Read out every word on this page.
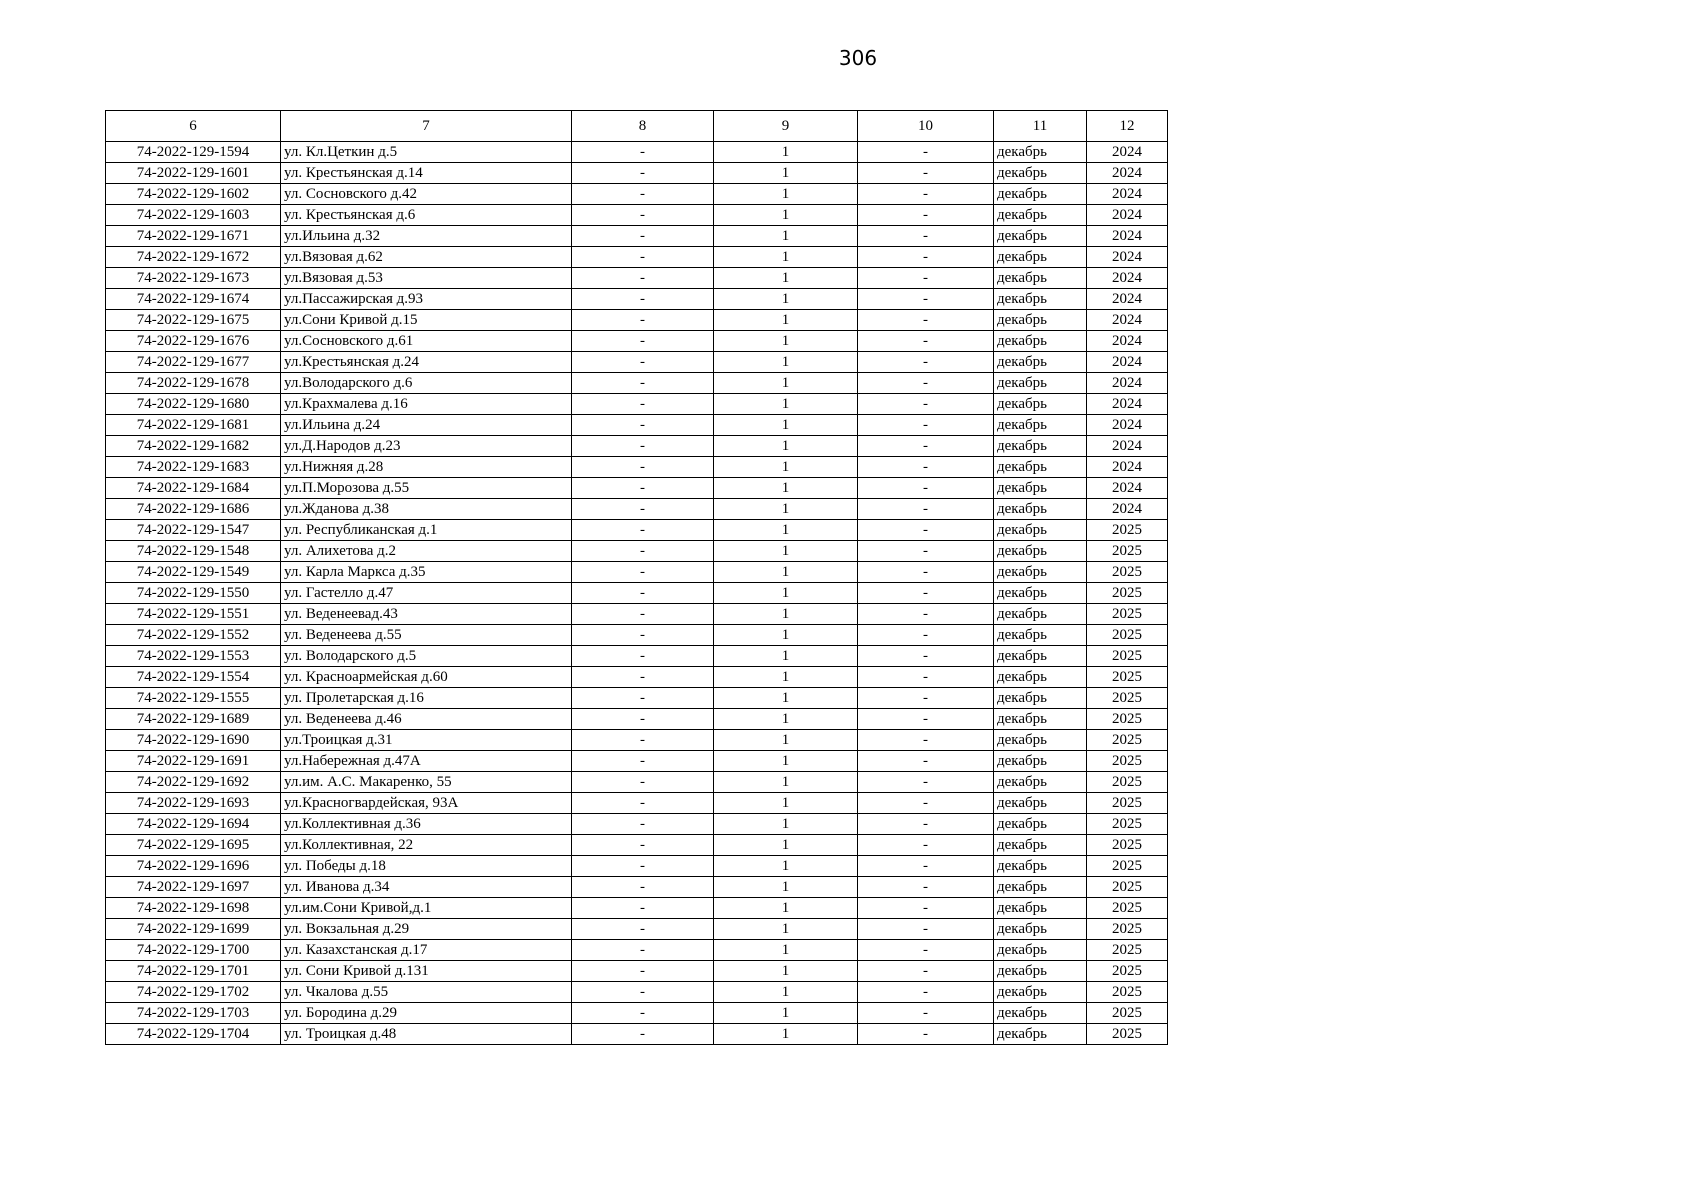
306
6	7	8	9	10	11	12
74-2022-129-1594	ул. Кл.Цеткин д.5	-	1	-	декабрь	2024
74-2022-129-1601	ул. Крестьянская д.14	-	1	-	декабрь	2024
74-2022-129-1602	ул. Сосновского д.42	-	1	-	декабрь	2024
74-2022-129-1603	ул. Крестьянская д.6	-	1	-	декабрь	2024
74-2022-129-1671	ул.Ильина д.32	-	1	-	декабрь	2024
74-2022-129-1672	ул.Вязовая д.62	-	1	-	декабрь	2024
74-2022-129-1673	ул.Вязовая д.53	-	1	-	декабрь	2024
74-2022-129-1674	ул.Пассажирская д.93	-	1	-	декабрь	2024
74-2022-129-1675	ул.Сони Кривой д.15	-	1	-	декабрь	2024
74-2022-129-1676	ул.Сосновского д.61	-	1	-	декабрь	2024
74-2022-129-1677	ул.Крестьянская д.24	-	1	-	декабрь	2024
74-2022-129-1678	ул.Володарского д.6	-	1	-	декабрь	2024
74-2022-129-1680	ул.Крахмалева д.16	-	1	-	декабрь	2024
74-2022-129-1681	ул.Ильина д.24	-	1	-	декабрь	2024
74-2022-129-1682	ул.Д.Народов д.23	-	1	-	декабрь	2024
74-2022-129-1683	ул.Нижняя д.28	-	1	-	декабрь	2024
74-2022-129-1684	ул.П.Морозова д.55	-	1	-	декабрь	2024
74-2022-129-1686	ул.Жданова д.38	-	1	-	декабрь	2024
74-2022-129-1547	ул. Республиканская д.1	-	1	-	декабрь	2025
74-2022-129-1548	ул. Алихетова д.2	-	1	-	декабрь	2025
74-2022-129-1549	ул. Карла Маркса д.35	-	1	-	декабрь	2025
74-2022-129-1550	ул. Гастелло д.47	-	1	-	декабрь	2025
74-2022-129-1551	ул. Веденеевад.43	-	1	-	декабрь	2025
74-2022-129-1552	ул. Веденеева д.55	-	1	-	декабрь	2025
74-2022-129-1553	ул. Володарского д.5	-	1	-	декабрь	2025
74-2022-129-1554	ул. Красноармейская д.60	-	1	-	декабрь	2025
74-2022-129-1555	ул. Пролетарская д.16	-	1	-	декабрь	2025
74-2022-129-1689	ул. Веденеева д.46	-	1	-	декабрь	2025
74-2022-129-1690	ул.Троицкая д.31	-	1	-	декабрь	2025
74-2022-129-1691	ул.Набережная д.47А	-	1	-	декабрь	2025
74-2022-129-1692	ул.им. А.С. Макаренко, 55	-	1	-	декабрь	2025
74-2022-129-1693	ул.Красногвардейская, 93А	-	1	-	декабрь	2025
74-2022-129-1694	ул.Коллективная д.36	-	1	-	декабрь	2025
74-2022-129-1695	ул.Коллективная, 22	-	1	-	декабрь	2025
74-2022-129-1696	ул. Победы д.18	-	1	-	декабрь	2025
74-2022-129-1697	ул. Иванова д.34	-	1	-	декабрь	2025
74-2022-129-1698	ул.им.Сони Кривой,д.1	-	1	-	декабрь	2025
74-2022-129-1699	ул. Вокзальная д.29	-	1	-	декабрь	2025
74-2022-129-1700	ул. Казахстанская д.17	-	1	-	декабрь	2025
74-2022-129-1701	ул. Сони Кривой д.131	-	1	-	декабрь	2025
74-2022-129-1702	ул. Чкалова д.55	-	1	-	декабрь	2025
74-2022-129-1703	ул. Бородина д.29	-	1	-	декабрь	2025
74-2022-129-1704	ул. Троицкая д.48	-	1	-	декабрь	2025
